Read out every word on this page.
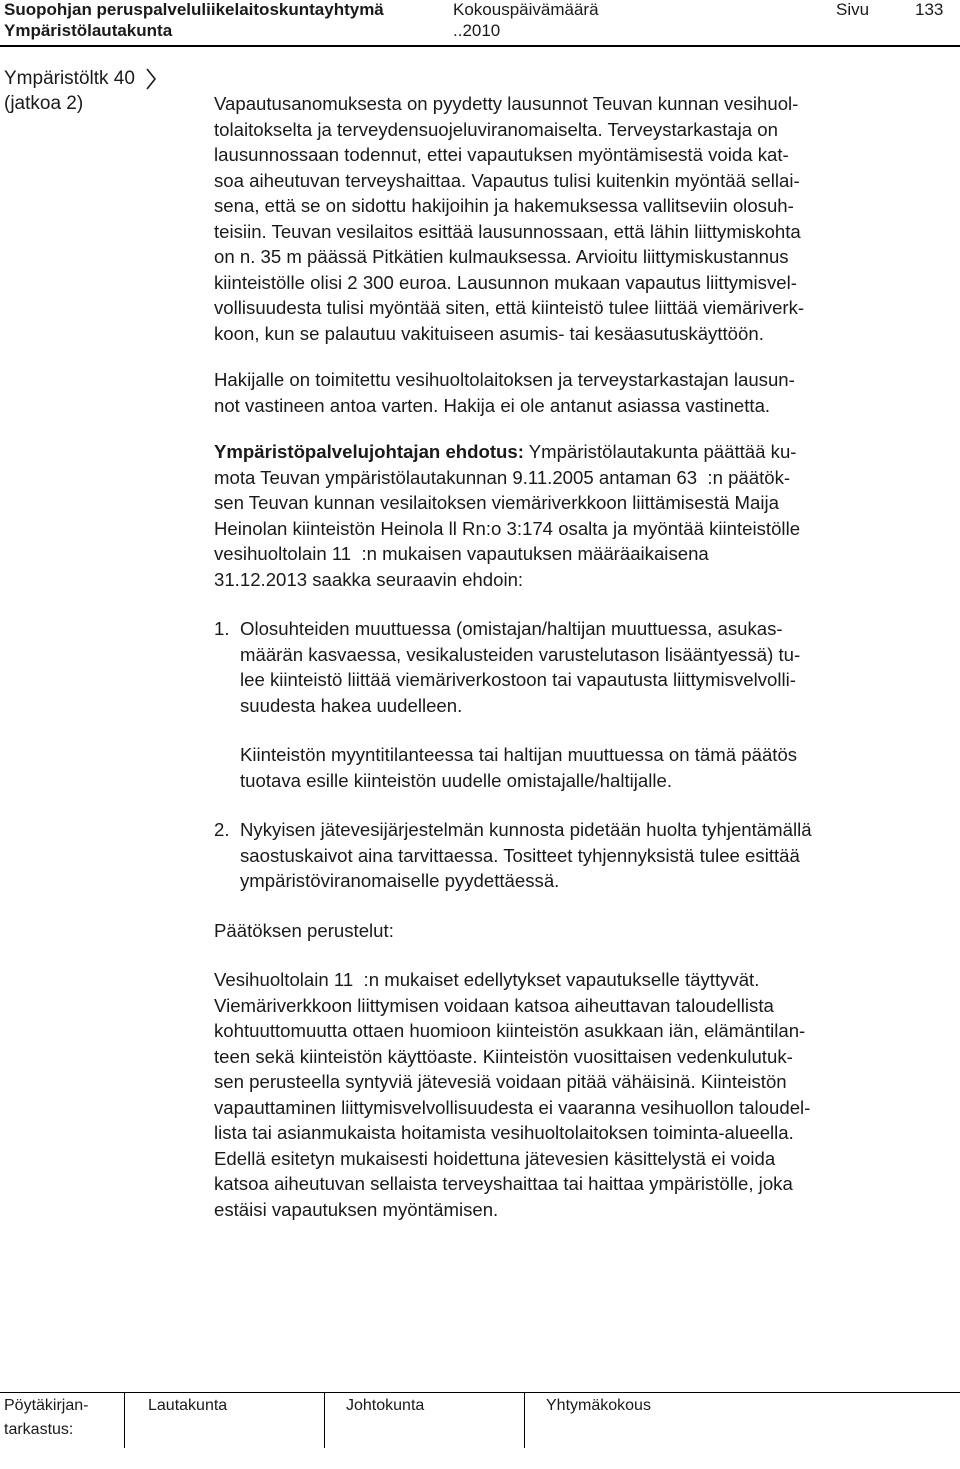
Suopohjan peruspalveluliikelaitoskuntayhtymä
Ympäristölautakunta
Kokouspäivämäärä
..2010
Sivu	133
Ympäristöltk 40
(jatkoa 2)	Vapautusanomuksesta on pyydetty lausunnot Teuvan kunnan vesihuol-
tolaitokselta ja terveydensuojeluviranomaiselta. Terveystarkastaja on
lausunnossaan todennut, ettei vapautuksen myöntämisestä voida kat-
soa aiheutuvan terveyshaittaa. Vapautus tulisi kuitenkin myöntää sellai-
sena, että se on sidottu hakijoihin ja hakemuksessa vallitseviin olosuh-
teisiin. Teuvan vesilaitos esittää lausunnossaan, että lähin liittymiskohta
on n. 35 m päässä Pitkätien kulmauksessa. Arvioitu liittymiskustannus
kiinteistölle olisi 2 300 euroa. Lausunnon mukaan vapautus liittymisvel-
vollisuudesta tulisi myöntää siten, että kiinteistö tulee liittää viemäriverk-
koon, kun se palautuu vakituiseen asumis- tai kesäasutuskäyttöön.

Hakijalle on toimitettu vesihuoltolaitoksen ja terveystarkastajan lausun-
not vastineen antoa varten. Hakija ei ole antanut asiassa vastinetta.

Ympäristöpalvelujohtajan ehdotus: Ympäristölautakunta päättää ku-
mota Teuvan ympäristölautakunnan 9.11.2005 antaman 63  :n päätök-
sen Teuvan kunnan vesilaitoksen viemäriverkkoon liittämisestä Maija
Heinolan kiinteistön Heinola ll Rn:o 3:174 osalta ja myöntää kiinteistölle
vesihuoltolain 11  :n mukaisen vapautuksen määräaikaisena
31.12.2013 saakka seuraavin ehdoin:

1. Olosuhteiden muuttuessa (omistajan/haltijan muuttuessa, asukas-
määrän kasvaessa, vesikalusteiden varustelutason lisääntyessä) tu-
lee kiinteistö liittää viemäriverkostoon tai vapautusta liittymisvelvolli-
suudesta hakea uudelleen.
Kiinteistön myyntitilanteessa tai haltijan muuttuessa on tämä päätös
tuotava esille kiinteistön uudelle omistajalle/haltijalle.
2. Nykyisen jätevesijärjestelmän kunnosta pidetään huolta tyhjentämällä
saostuskaivot aina tarvittaessa. Tositteet tyhjennyksistä tulee esittää
ympäristöviranomaiselle pyydettäessä.

Päätöksen perustelut:

Vesihuoltolain 11  :n mukaiset edellytykset vapautukselle täyttyvät.
Viemäriverkkoon liittymisen voidaan katsoa aiheuttavan taloudellista
kohtuuttomuutta ottaen huomioon kiinteistön asukkaan iän, elämäntilan-
teen sekä kiinteistön käyttöaste. Kiinteistön vuosittaisen vedenkulutuk-
sen perusteella syntyviä jätevesiä voidaan pitää vähäisinä. Kiinteistön
vapauttaminen liittymisvelvollisuudesta ei vaaranna vesihuollon taloudel-
lista tai asianmukaista hoitamista vesihuoltolaitoksen toiminta-alueella.
Edellä esitetyn mukaisesti hoidettuna jätevesien käsittelystä ei voida
katsoa aiheutuvan sellaista terveyshaittaa tai haittaa ympäristölle, joka
estäisi vapautuksen myöntämisen.

Pöytäkirjan-
tarkastus:
Lautakunta	Johtokunta	Yhtymäkokous
